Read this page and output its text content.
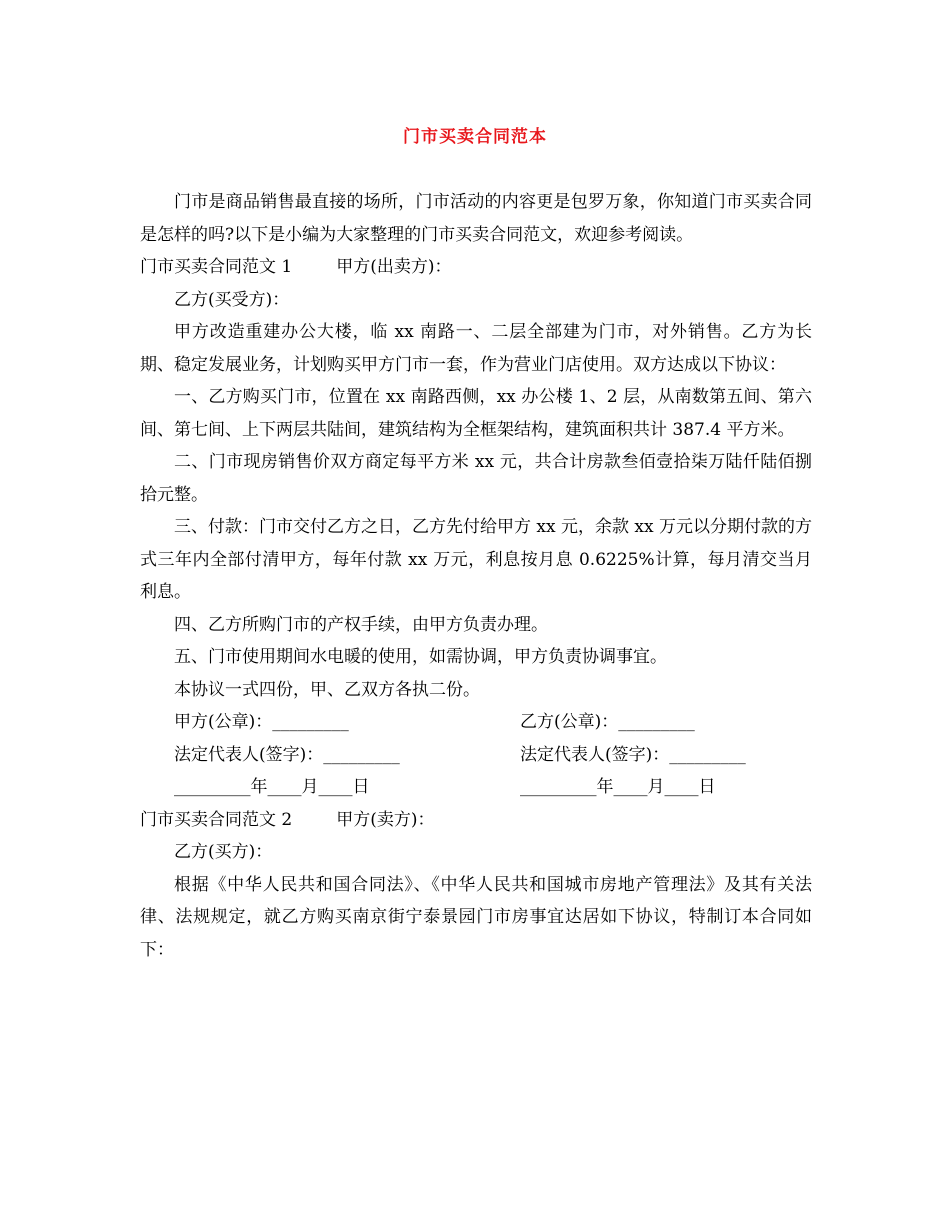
门市买卖合同范本

门市是商品销售最直接的场所，门市活动的内容更是包罗万象，你知道门市买卖合同是怎样的吗?以下是小编为大家整理的门市买卖合同范文，欢迎参考阅读。

门市买卖合同范文 1	甲方(出卖方)：

乙方(买受方)：

甲方改造重建办公大楼，临 xx 南路一、二层全部建为门市，对外销售。乙方为长期、稳定发展业务，计划购买甲方门市一套，作为营业门店使用。双方达成以下协议：

一、乙方购买门市，位置在 xx 南路西侧，xx 办公楼 1、2 层，从南数第五间、第六间、第七间、上下两层共陆间，建筑结构为全框架结构，建筑面积共计 387.4 平方米。

二、门市现房销售价双方商定每平方米 xx 元，共合计房款叁佰壹拾柒万陆仟陆佰捌拾元整。

三、付款：门市交付乙方之日，乙方先付给甲方 xx 元，余款 xx 万元以分期付款的方式三年内全部付清甲方，每年付款 xx 万元，利息按月息 0.6225%计算，每月清交当月利息。

四、乙方所购门市的产权手续，由甲方负责办理。

五、门市使用期间水电暖的使用，如需协调，甲方负责协调事宜。

本协议一式四份，甲、乙双方各执二份。

甲方(公章)：_________	乙方(公章)：_________
法定代表人(签字)：_________	法定代表人(签字)：_________
_________年____月____日	_________年____月____日

门市买卖合同范文 2	甲方(卖方)：

乙方(买方)：

根据《中华人民共和国合同法》、《中华人民共和国城市房地产管理法》及其有关法律、法规规定，就乙方购买南京街宁泰景园门市房事宜达居如下协议，特制订本合同如下：
